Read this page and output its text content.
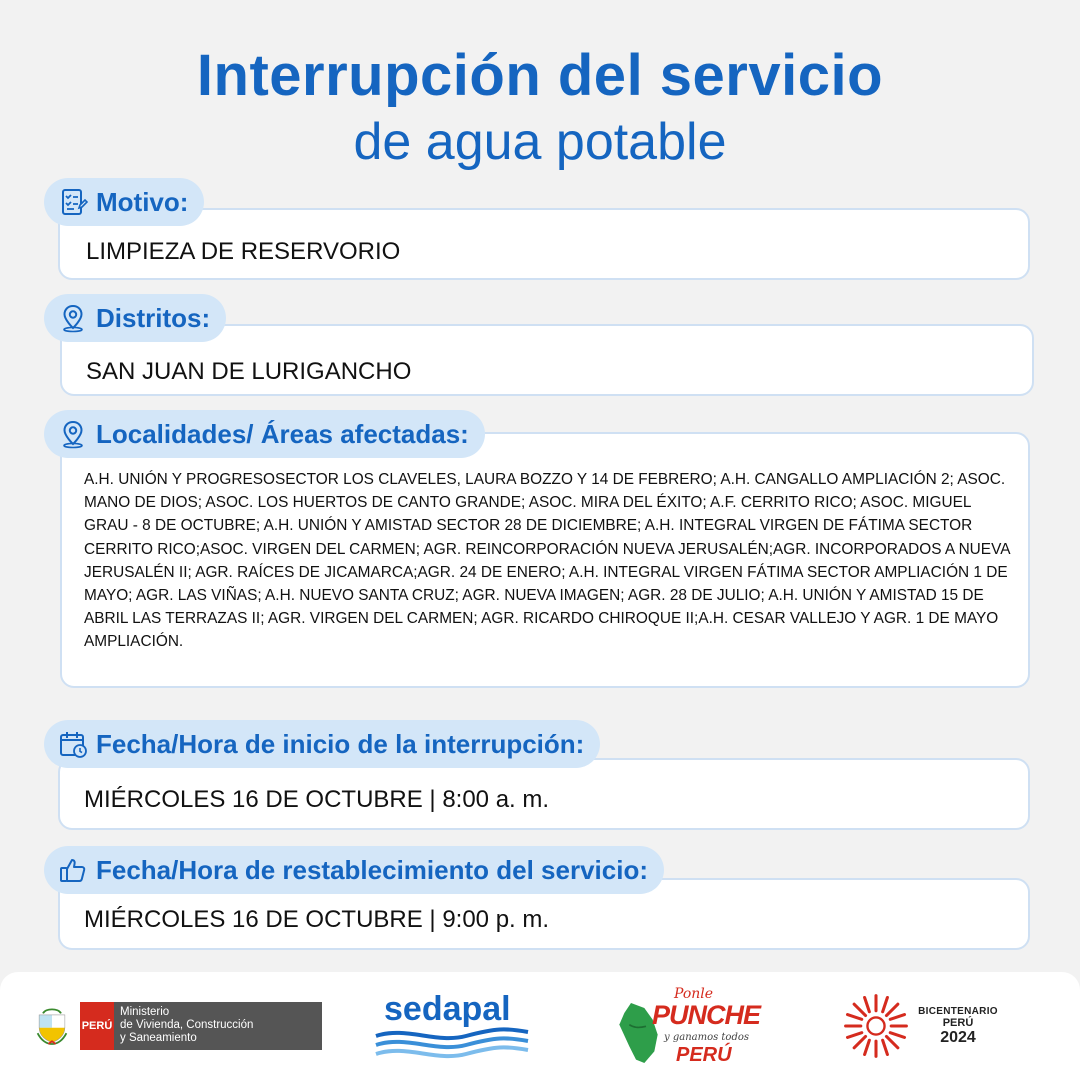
Interrupción del servicio
de agua potable
Motivo:
LIMPIEZA DE RESERVORIO
Distritos:
SAN JUAN DE LURIGANCHO
Localidades/ Áreas afectadas:
A.H. UNIÓN Y PROGRESOSECTOR LOS CLAVELES, LAURA BOZZO Y 14 DE FEBRERO; A.H. CANGALLO AMPLIACIÓN 2; ASOC. MANO DE DIOS; ASOC. LOS HUERTOS DE CANTO GRANDE; ASOC. MIRA DEL ÉXITO; A.F. CERRITO RICO; ASOC. MIGUEL GRAU - 8 DE OCTUBRE; A.H. UNIÓN Y AMISTAD SECTOR 28 DE DICIEMBRE; A.H. INTEGRAL VIRGEN DE FÁTIMA SECTOR CERRITO RICO;ASOC. VIRGEN DEL CARMEN; AGR. REINCORPORACIÓN NUEVA JERUSALÉN;AGR. INCORPORADOS A NUEVA JERUSALÉN II; AGR. RAÍCES DE JICAMARCA;AGR. 24 DE ENERO; A.H. INTEGRAL VIRGEN FÁTIMA SECTOR AMPLIACIÓN 1 DE MAYO; AGR. LAS VIÑAS; A.H. NUEVO SANTA CRUZ; AGR. NUEVA IMAGEN; AGR. 28 DE JULIO; A.H. UNIÓN Y AMISTAD 15 DE ABRIL LAS TERRAZAS II; AGR. VIRGEN DEL CARMEN; AGR. RICARDO CHIROQUE II;A.H. CESAR VALLEJO Y AGR. 1 DE MAYO AMPLIACIÓN.
Fecha/Hora de inicio de la interrupción:
MIÉRCOLES 16 DE OCTUBRE | 8:00 a. m.
Fecha/Hora de restablecimiento del servicio:
MIÉRCOLES 16 DE OCTUBRE | 9:00 p. m.
PERÚ
Ministerio
de Vivienda, Construcción
y Saneamiento
sedapal	Ponle
PUNCHE
y ganamos todos
PERÚ
BICENTENARIO
PERÚ
2024
